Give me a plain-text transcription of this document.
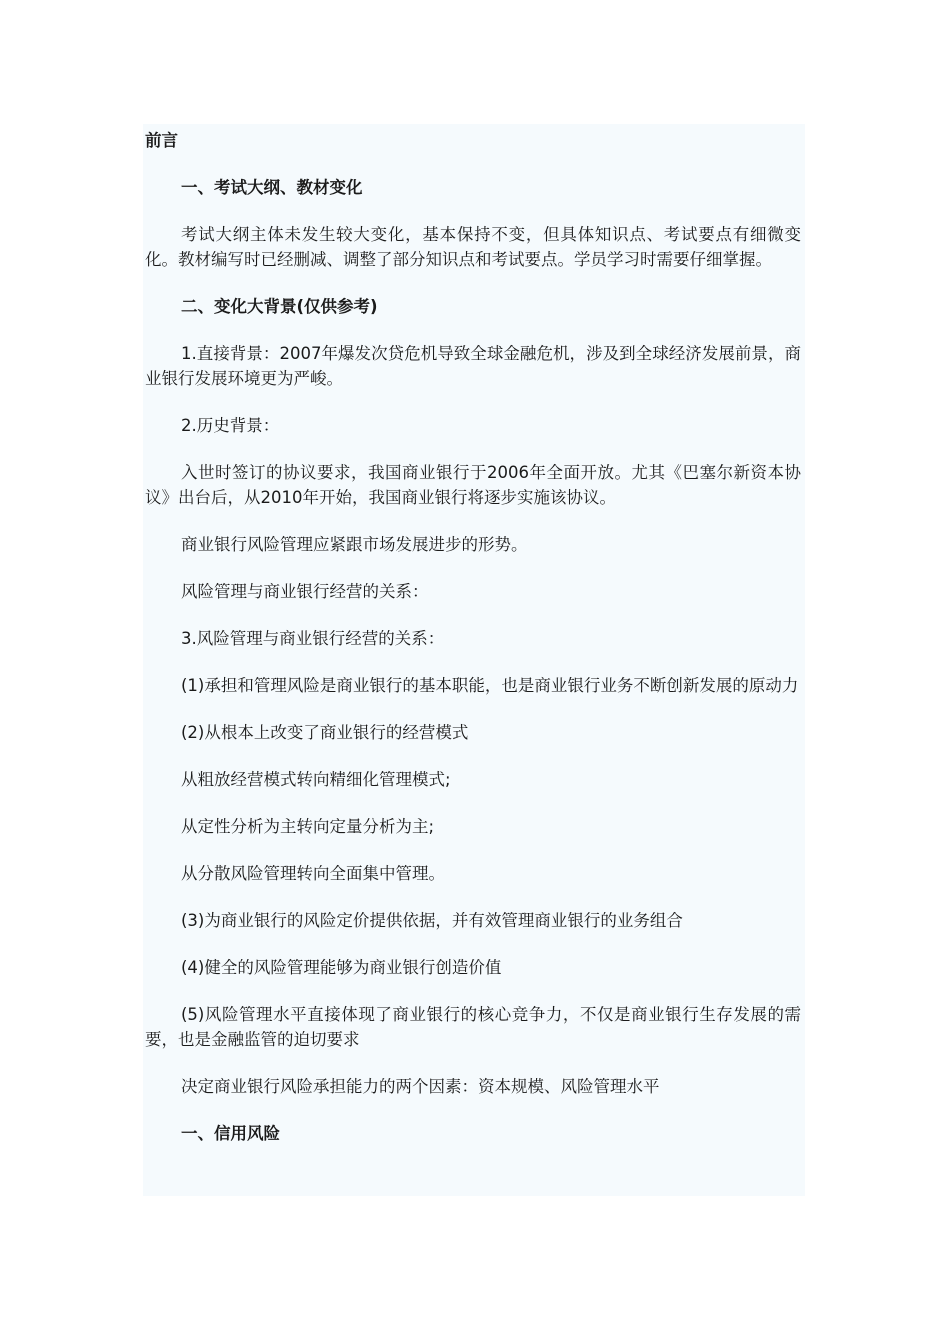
前言

一、考试大纲、教材变化

考试大纲主体未发生较大变化，基本保持不变，但具体知识点、考试要点有细微变化。教材编写时已经删减、调整了部分知识点和考试要点。学员学习时需要仔细掌握。

二、变化大背景(仅供参考)

1.直接背景：2007年爆发次贷危机导致全球金融危机，涉及到全球经济发展前景，商业银行发展环境更为严峻。

2.历史背景：

入世时签订的协议要求，我国商业银行于2006年全面开放。尤其《巴塞尔新资本协议》出台后，从2010年开始，我国商业银行将逐步实施该协议。

商业银行风险管理应紧跟市场发展进步的形势。

风险管理与商业银行经营的关系：

3.风险管理与商业银行经营的关系：

(1)承担和管理风险是商业银行的基本职能，也是商业银行业务不断创新发展的原动力

(2)从根本上改变了商业银行的经营模式

从粗放经营模式转向精细化管理模式;

从定性分析为主转向定量分析为主;

从分散风险管理转向全面集中管理。

(3)为商业银行的风险定价提供依据，并有效管理商业银行的业务组合

(4)健全的风险管理能够为商业银行创造价值

(5)风险管理水平直接体现了商业银行的核心竞争力，不仅是商业银行生存发展的需要，也是金融监管的迫切要求

决定商业银行风险承担能力的两个因素：资本规模、风险管理水平

一、信用风险
